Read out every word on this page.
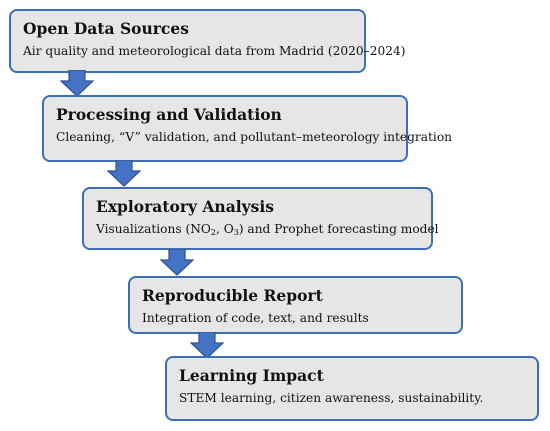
Open Data Sources
Air quality and meteorological data from Madrid (2020–2024)
Processing and Validation
Cleaning, “V” validation, and pollutant–meteorology integration
Exploratory Analysis
Visualizations ($NO_2$, $O_3$) and Prophet forecasting model
Reproducible Report
Integration of code, text, and results
Learning Impact
STEM learning, citizen awareness, sustainability.
